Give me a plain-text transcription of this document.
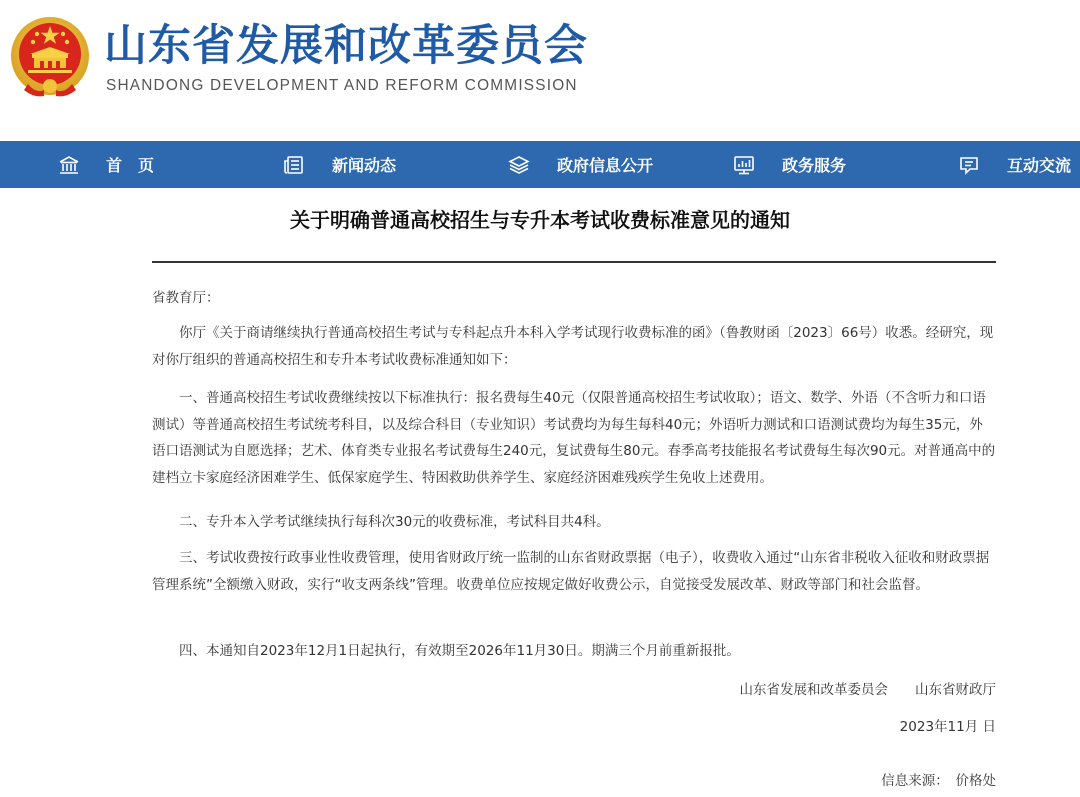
山东省发展和改革委员会
SHANDONG DEVELOPMENT AND REFORM COMMISSION
首　页	新闻动态	政府信息公开	政务服务	互动交流
关于明确普通高校招生与专升本考试收费标准意见的通知
省教育厅：

你厅《关于商请继续执行普通高校招生考试与专科起点升本科入学考试现行收费标准的函》（鲁教财函〔2023〕66号）收悉。经研究，现对你厅组织的普通高校招生和专升本考试收费标准通知如下：

一、普通高校招生考试收费继续按以下标准执行：报名费每生40元（仅限普通高校招生考试收取）；语文、数学、外语（不含听力和口语测试）等普通高校招生考试统考科目，以及综合科目（专业知识）考试费均为每生每科40元；外语听力测试和口语测试费均为每生35元，外语口语测试为自愿选择；艺术、体育类专业报名考试费每生240元，复试费每生80元。春季高考技能报名考试费每生每次90元。对普通高中的建档立卡家庭经济困难学生、低保家庭学生、特困救助供养学生、家庭经济困难残疾学生免收上述费用。

二、专升本入学考试继续执行每科次30元的收费标准，考试科目共4科。

三、考试收费按行政事业性收费管理，使用省财政厅统一监制的山东省财政票据（电子），收费收入通过“山东省非税收入征收和财政票据管理系统”全额缴入财政，实行“收支两条线”管理。收费单位应按规定做好收费公示，自觉接受发展改革、财政等部门和社会监督。

四、本通知自2023年12月1日起执行，有效期至2026年11月30日。期满三个月前重新报批。

山东省发展和改革委员会　　山东省财政厅
2023年11月 日
信息来源：　价格处
